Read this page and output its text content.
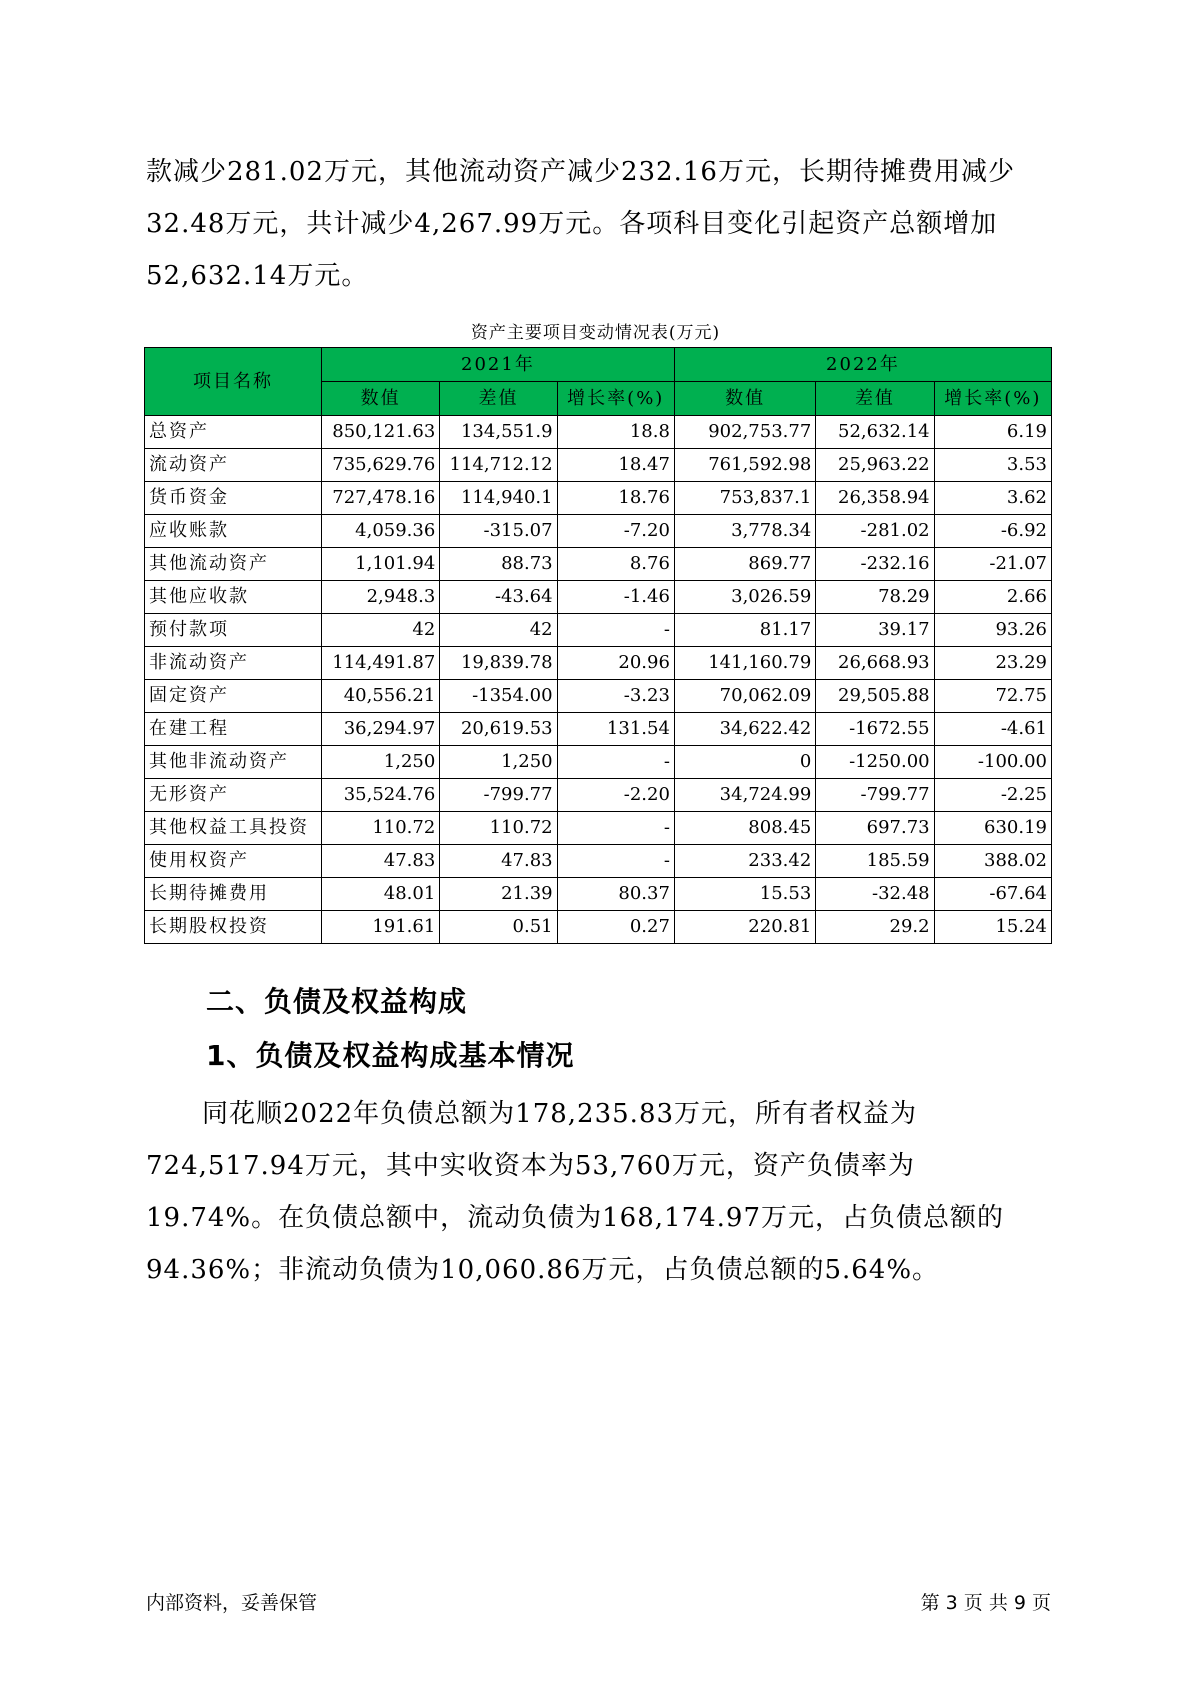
款减少281.02万元，其他流动资产减少232.16万元，长期待摊费用减少32.48万元，共计减少4,267.99万元。各项科目变化引起资产总额增加52,632.14万元。

资产主要项目变动情况表(万元)
项目名称	2021年			2022年		
	数值	差值	增长率(%)	数值	差值	增长率(%)
总资产	850,121.63	134,551.9	18.8	902,753.77	52,632.14	6.19
流动资产	735,629.76	114,712.12	18.47	761,592.98	25,963.22	3.53
货币资金	727,478.16	114,940.1	18.76	753,837.1	26,358.94	3.62
应收账款	4,059.36	-315.07	-7.20	3,778.34	-281.02	-6.92
其他流动资产	1,101.94	88.73	8.76	869.77	-232.16	-21.07
其他应收款	2,948.3	-43.64	-1.46	3,026.59	78.29	2.66
预付款项	42	42	-	81.17	39.17	93.26
非流动资产	114,491.87	19,839.78	20.96	141,160.79	26,668.93	23.29
固定资产	40,556.21	-1354.00	-3.23	70,062.09	29,505.88	72.75
在建工程	36,294.97	20,619.53	131.54	34,622.42	-1672.55	-4.61
其他非流动资产	1,250	1,250	-	0	-1250.00	-100.00
无形资产	35,524.76	-799.77	-2.20	34,724.99	-799.77	-2.25
其他权益工具投资	110.72	110.72	-	808.45	697.73	630.19
使用权资产	47.83	47.83	-	233.42	185.59	388.02
长期待摊费用	48.01	21.39	80.37	15.53	-32.48	-67.64
长期股权投资	191.61	0.51	0.27	220.81	29.2	15.24
二、负债及权益构成
1、负债及权益构成基本情况

同花顺2022年负债总额为178,235.83万元，所有者权益为724,517.94万元，其中实收资本为53,760万元，资产负债率为19.74%。在负债总额中，流动负债为168,174.97万元，占负债总额的94.36%；非流动负债为10,060.86万元，占负债总额的5.64%。

内部资料，妥善保管	第 3 页 共 9 页
